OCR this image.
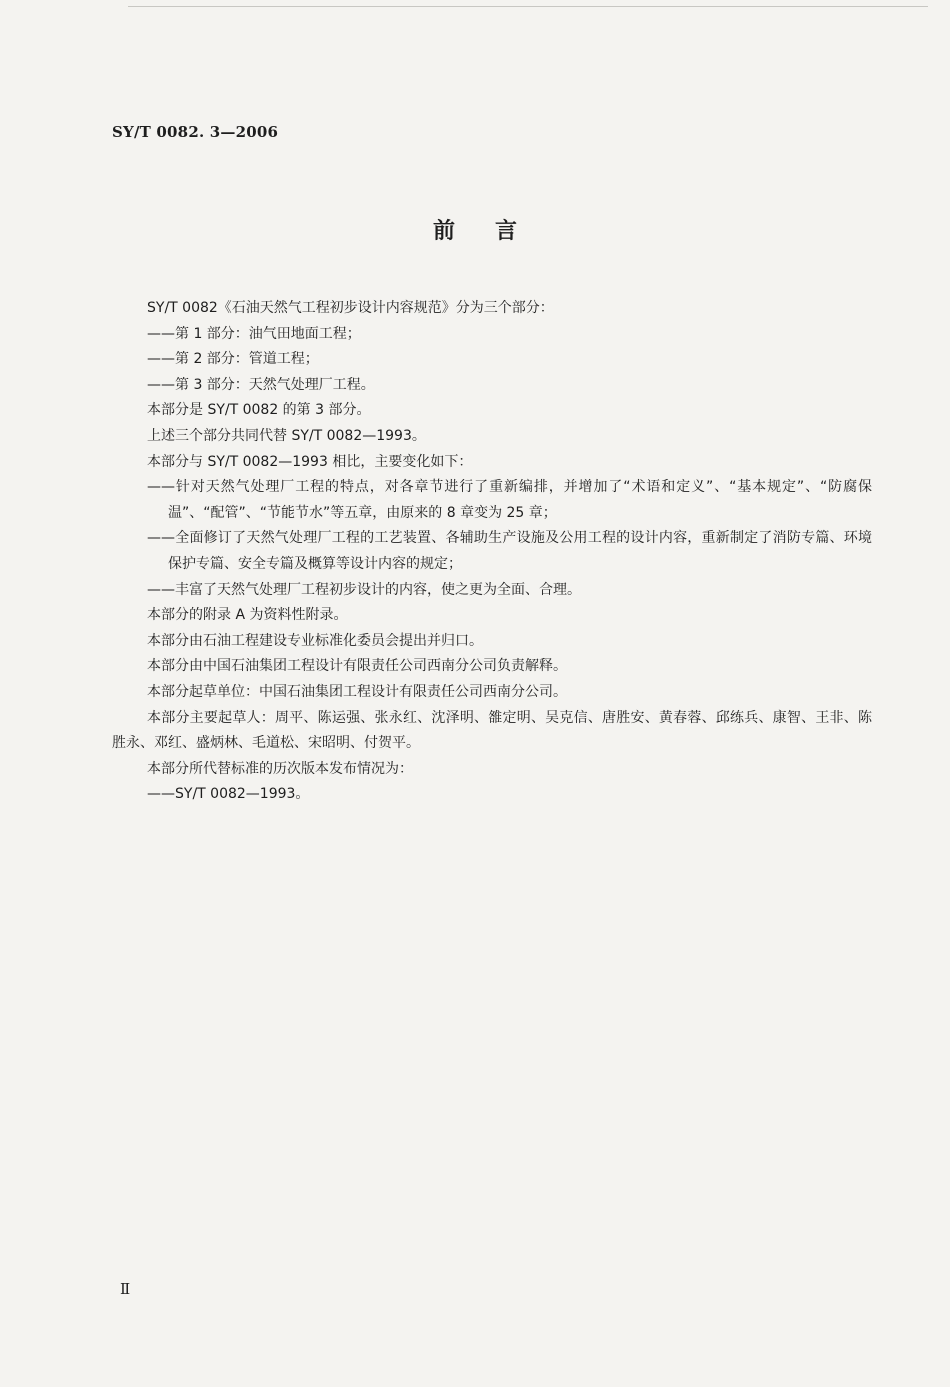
SY/T 0082. 3—2006
前言

SY/T 0082《石油天然气工程初步设计内容规范》分为三个部分：

——第 1 部分：油气田地面工程；

——第 2 部分：管道工程；

——第 3 部分：天然气处理厂工程。

本部分是 SY/T 0082 的第 3 部分。

上述三个部分共同代替 SY/T 0082—1993。

本部分与 SY/T 0082—1993 相比，主要变化如下：

——针对天然气处理厂工程的特点，对各章节进行了重新编排，并增加了“术语和定义”、“基本规定”、“防腐保温”、“配管”、“节能节水”等五章，由原来的 8 章变为 25 章；

——全面修订了天然气处理厂工程的工艺装置、各辅助生产设施及公用工程的设计内容，重新制定了消防专篇、环境保护专篇、安全专篇及概算等设计内容的规定；

——丰富了天然气处理厂工程初步设计的内容，使之更为全面、合理。

本部分的附录 A 为资料性附录。

本部分由石油工程建设专业标准化委员会提出并归口。

本部分由中国石油集团工程设计有限责任公司西南分公司负责解释。

本部分起草单位：中国石油集团工程设计有限责任公司西南分公司。

本部分主要起草人：周平、陈运强、张永红、沈泽明、雒定明、吴克信、唐胜安、黄春蓉、邱练兵、康智、王非、陈胜永、邓红、盛炳林、毛道松、宋昭明、付贺平。

本部分所代替标准的历次版本发布情况为：

——SY/T 0082—1993。

Ⅱ
